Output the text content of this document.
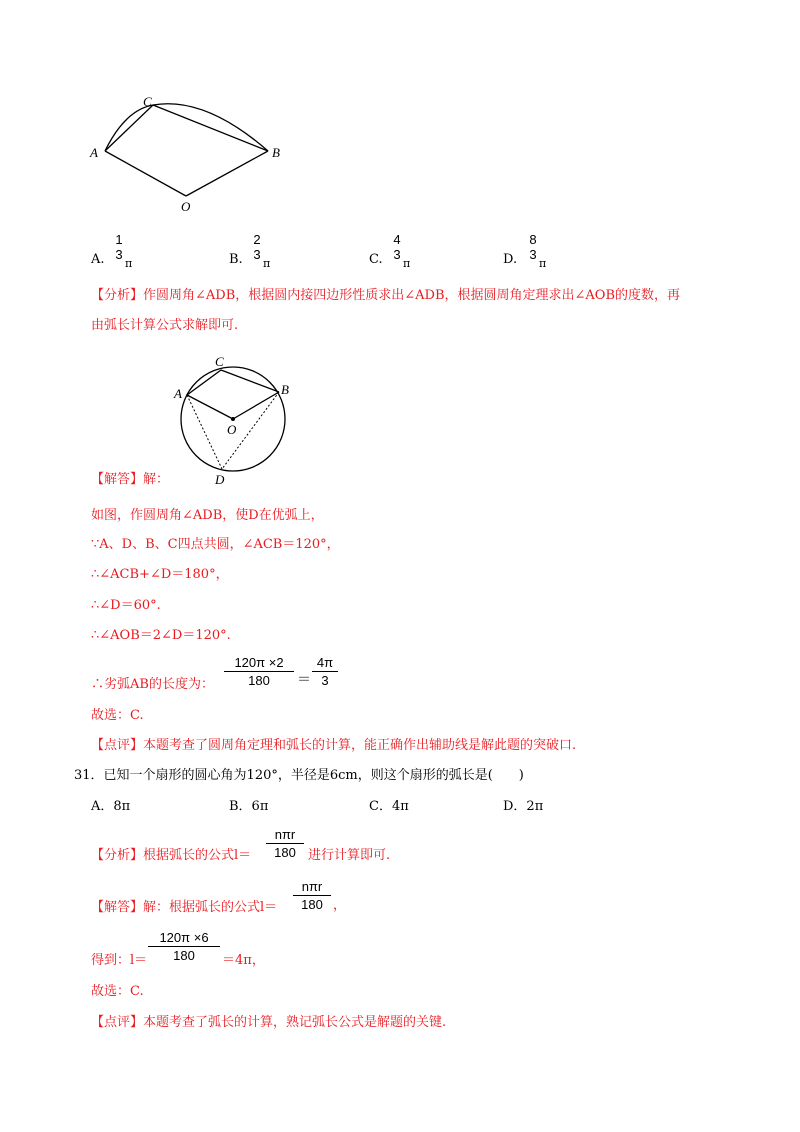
C
A	B
O
A.
1
3
π	B.
2
3
π	C.
4
3
π	D.
8
3
π
【分析】作圆周角∠ADB，根据圆内接四边形性质求出∠ADB，根据圆周角定理求出∠AOB的度数，再
由弧长计算公式求解即可.
C
A	B
O
D
【解答】解：
如图，作圆周角∠ADB，使D在优弧上，
∵A、D、B、C四点共圆，∠ACB＝120°，
∴∠ACB+∠D＝180°，
∴∠D＝60°.
∴∠AOB＝2∠D＝120°.
∴劣弧AB的长度为：
120π ×2
180	＝
4π
3
故选：C.
【点评】本题考查了圆周角定理和弧长的计算，能正确作出辅助线是解此题的突破口.
31．已知一个扇形的圆心角为120°，半径是6cm，则这个扇形的弧长是(　　)
A．8π	B．6π	C．4π	D．2π
【分析】根据弧长的公式l＝
nπr
180 进行计算即可.
【解答】解：根据弧长的公式l＝
nπr
180 ，
得到：l＝
120π ×6
180	＝4π，
故选：C.
【点评】本题考查了弧长的计算，熟记弧长公式是解题的关键.
